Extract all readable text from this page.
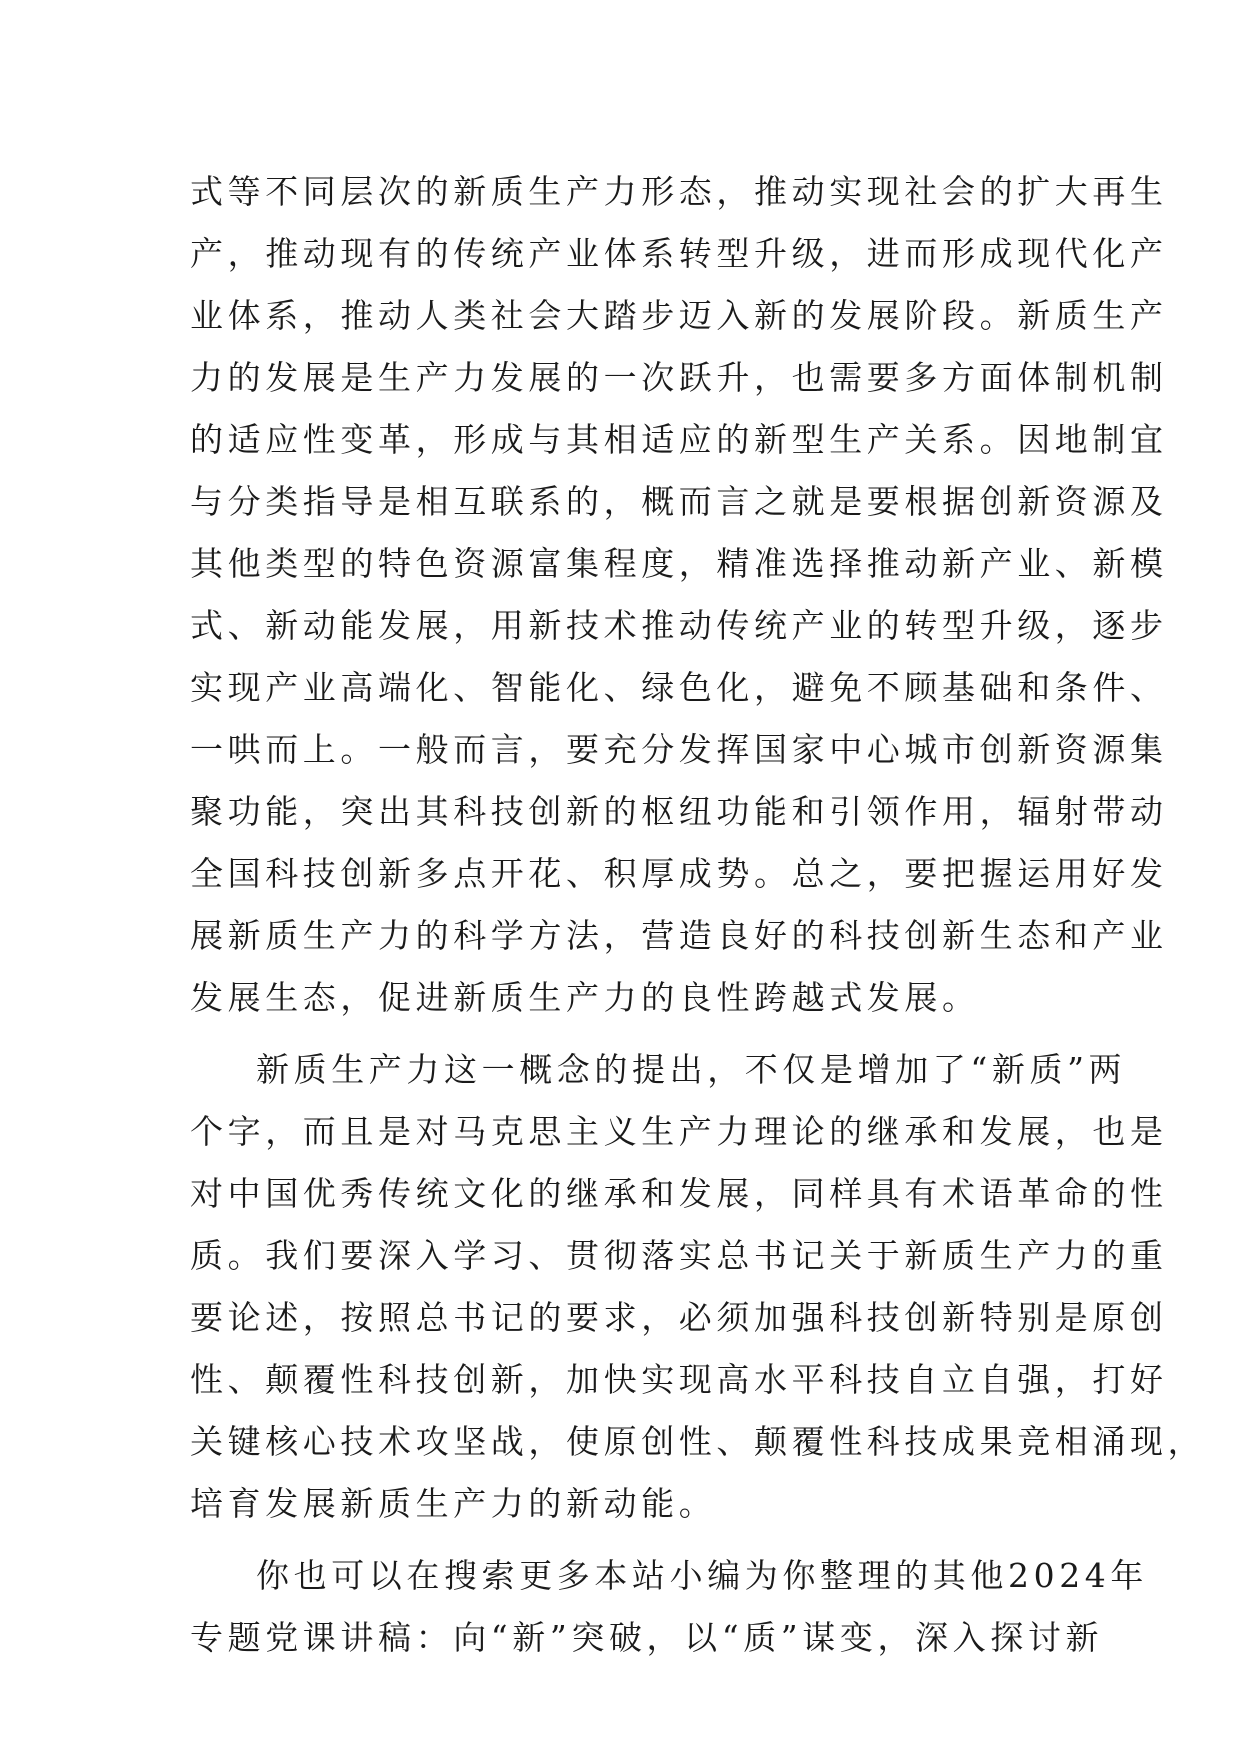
式等不同层次的新质生产力形态，推动实现社会的扩大再生
产，推动现有的传统产业体系转型升级，进而形成现代化产
业体系，推动人类社会大踏步迈入新的发展阶段。新质生产
力的发展是生产力发展的一次跃升，也需要多方面体制机制
的适应性变革，形成与其相适应的新型生产关系。因地制宜
与分类指导是相互联系的，概而言之就是要根据创新资源及
其他类型的特色资源富集程度，精准选择推动新产业、新模
式、新动能发展，用新技术推动传统产业的转型升级，逐步
实现产业高端化、智能化、绿色化，避免不顾基础和条件、
一哄而上。一般而言，要充分发挥国家中心城市创新资源集
聚功能，突出其科技创新的枢纽功能和引领作用，辐射带动
全国科技创新多点开花、积厚成势。总之，要把握运用好发
展新质生产力的科学方法，营造良好的科技创新生态和产业
发展生态，促进新质生产力的良性跨越式发展。
新质生产力这一概念的提出，不仅是增加了“新质”两
个字，而且是对马克思主义生产力理论的继承和发展，也是
对中国优秀传统文化的继承和发展，同样具有术语革命的性
质。我们要深入学习、贯彻落实总书记关于新质生产力的重
要论述，按照总书记的要求，必须加强科技创新特别是原创
性、颠覆性科技创新，加快实现高水平科技自立自强，打好
关键核心技术攻坚战，使原创性、颠覆性科技成果竞相涌现，
培育发展新质生产力的新动能。
你也可以在搜索更多本站小编为你整理的其他2024年
专题党课讲稿：向“新”突破，以“质”谋变，深入探讨新
